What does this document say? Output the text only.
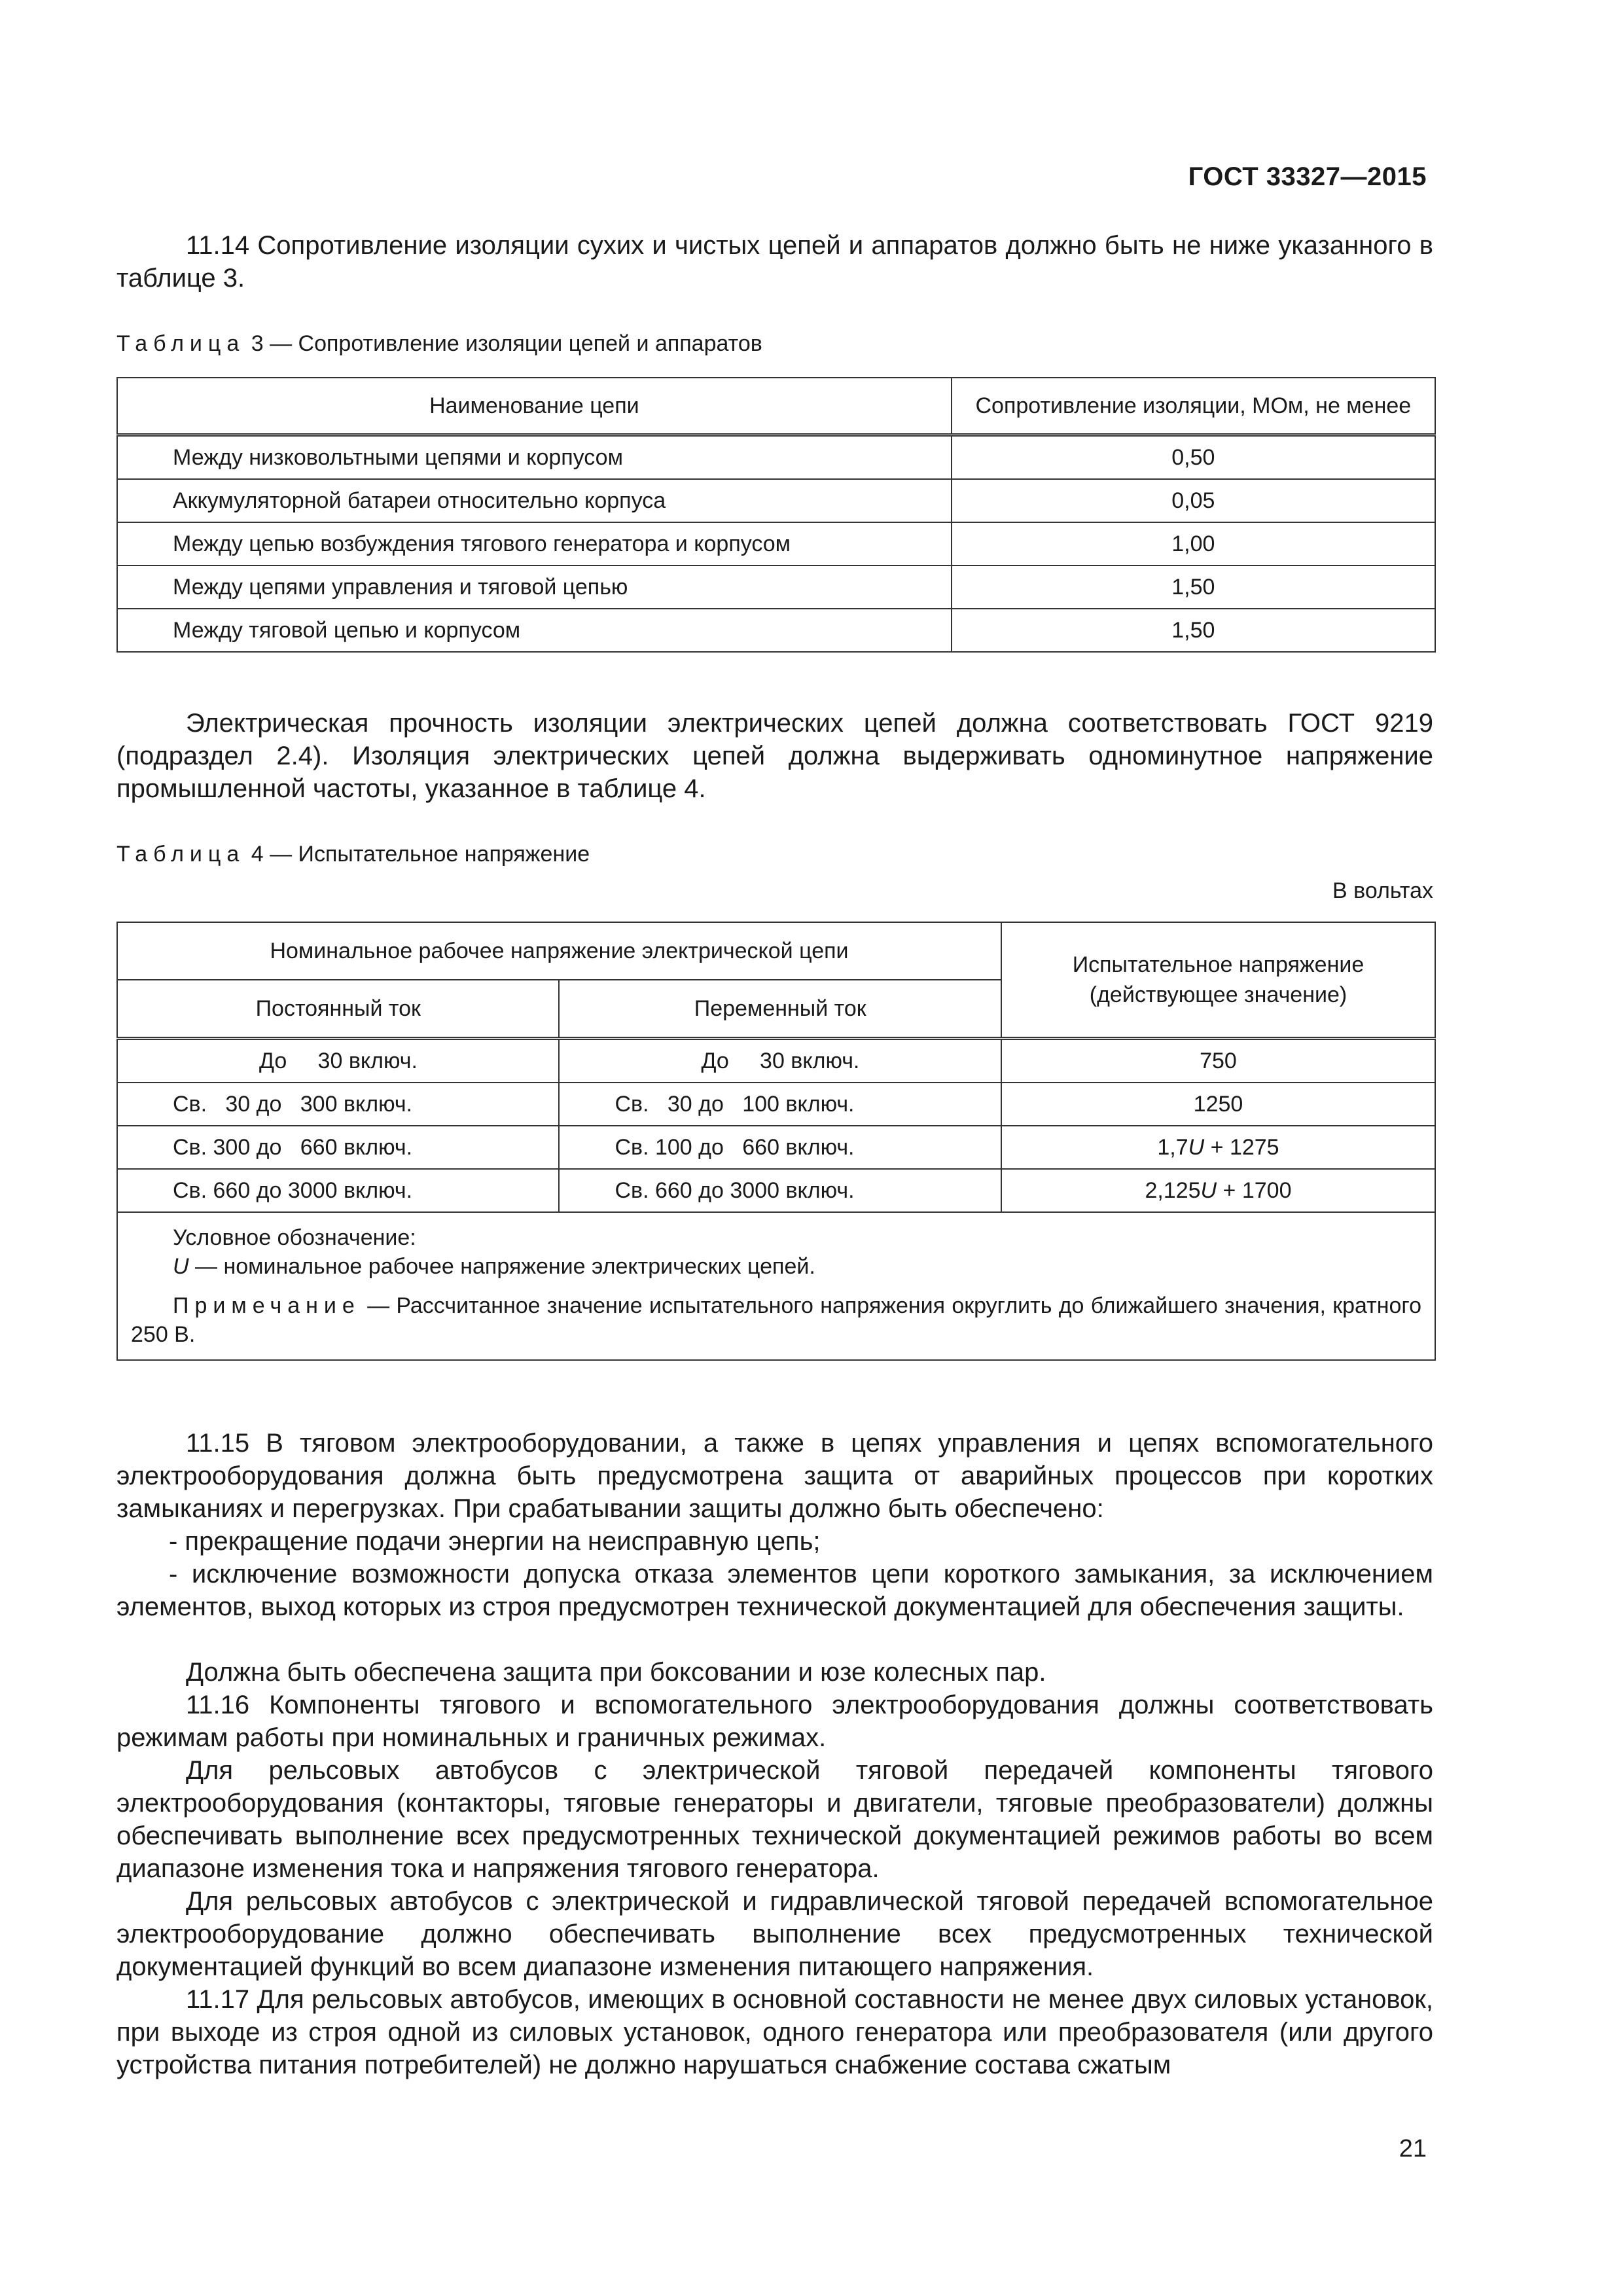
ГОСТ 33327—2015
11.14 Сопротивление изоляции сухих и чистых цепей и аппаратов должно быть не ниже указанного в таблице 3.
Таблица 3 — Сопротивление изоляции цепей и аппаратов
Наименование цепи	Сопротивление изоляции, МОм, не менее
Между низковольтными цепями и корпусом	0,50
Аккумуляторной батареи относительно корпуса	0,05
Между цепью возбуждения тягового генератора и корпусом	1,00
Между цепями управления и тяговой цепью	1,50
Между тяговой цепью и корпусом	1,50
Электрическая прочность изоляции электрических цепей должна соответствовать ГОСТ 9219 (подраздел 2.4). Изоляция электрических цепей должна выдерживать одноминутное напряжение промышленной частоты, указанное в таблице 4.
Таблица 4 — Испытательное напряжение
В вольтах
Номинальное рабочее напряжение электрической цепи		Испытательное напряжение (действующее значение)
Постоянный ток	Переменный ток	
До     30 включ.	До     30 включ.	750
Св.   30 до   300 включ.	Св.   30 до   100 включ.	1250
Св. 300 до   660 включ.	Св. 100 до   660 включ.	1,7U + 1275
Св. 660 до 3000 включ.	Св. 660 до 3000 включ.	2,125U + 1700

Условное обозначение:
U — номинальное рабочее напряжение электрических цепей.
Примечание — Рассчитанное значение испытательного напряжения округлить до ближайшего значения, кратного 250 В.		
11.15 В тяговом электрооборудовании, а также в цепях управления и цепях вспомогательного электрооборудования должна быть предусмотрена защита от аварийных процессов при коротких замыканиях и перегрузках. При срабатывании защиты должно быть обеспечено:
- прекращение подачи энергии на неисправную цепь;
- исключение возможности допуска отказа элементов цепи короткого замыкания, за исключением элементов, выход которых из строя предусмотрен технической документацией для обеспечения защиты.
Должна быть обеспечена защита при боксовании и юзе колесных пар.
11.16 Компоненты тягового и вспомогательного электрооборудования должны соответствовать режимам работы при номинальных и граничных режимах.
Для рельсовых автобусов с электрической тяговой передачей компоненты тягового электрооборудования (контакторы, тяговые генераторы и двигатели, тяговые преобразователи) должны обеспечивать выполнение всех предусмотренных технической документацией режимов работы во всем диапазоне изменения тока и напряжения тягового генератора.
Для рельсовых автобусов с электрической и гидравлической тяговой передачей вспомогательное электрооборудование должно обеспечивать выполнение всех предусмотренных технической документацией функций во всем диапазоне изменения питающего напряжения.
11.17 Для рельсовых автобусов, имеющих в основной составности не менее двух силовых установок, при выходе из строя одной из силовых установок, одного генератора или преобразователя (или другого устройства питания потребителей) не должно нарушаться снабжение состава сжатым
21
